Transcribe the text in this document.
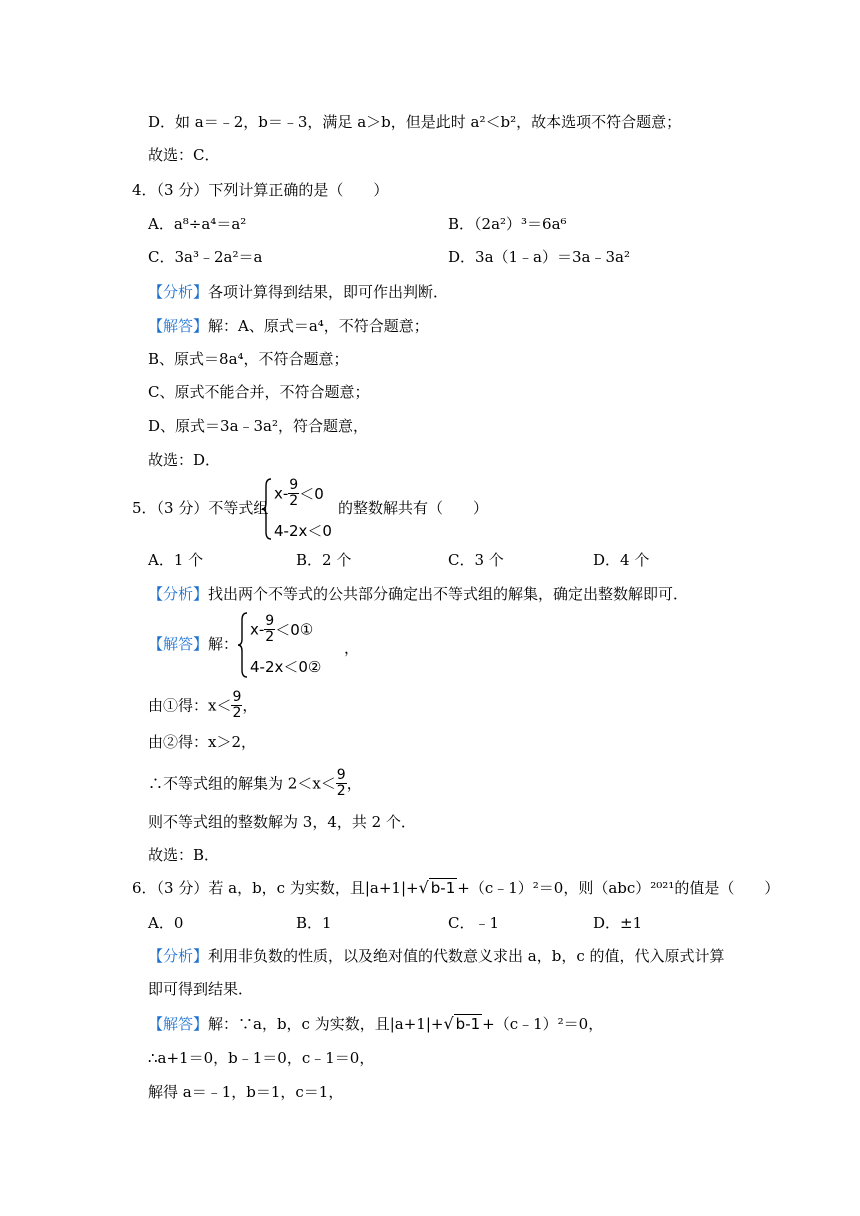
D．如 a＝﹣2，b＝﹣3，满足 a＞b，但是此时 a²＜b²，故本选项不符合题意；
故选：C．
4．（3 分）下列计算正确的是（　　）
A．a⁸÷a⁴＝a²	B．（2a²）³＝6a⁶
C．3a³﹣2a²＝a	D．3a（1﹣a）＝3a﹣3a²
【分析】各项计算得到结果，即可作出判断．
【解答】解：A、原式＝a⁴，不符合题意；
B、原式＝8a⁴，不符合题意；
C、原式不能合并，不符合题意；
D、原式＝3a﹣3a²，符合题意，
故选：D．
5．（3 分）不等式组
$x- \frac{9}{2} <0$
4-2x＜0
的整数解共有（　　）
A．1 个	B．2 个	C．3 个	D．4 个
【分析】找出两个不等式的公共部分确定出不等式组的解集，确定出整数解即可．
【解答】解：
$x- \frac{9}{2}$ ＜0①
4-2x＜0②
，
由①得：$x< \frac{9}{2}$ ，
由②得：x＞2，
∴不等式组的解集为 $2<x< \frac{9}{2}$ ，
则不等式组的整数解为 3，4，共 2 个．
故选：B．
6．（3 分）若 a，b，c 为实数，且|a+1|+√ b-1 +（c﹣1）²＝0，则（abc）²⁰²¹的值是（　　）
A．0	B．1	C．﹣1	D．±1
【分析】利用非负数的性质，以及绝对值的代数意义求出 a，b，c 的值，代入原式计算
即可得到结果．
【解答】解：∵a，b，c 为实数，且|a+1|+√ b-1 +（c﹣1）²＝0，
∴a+1＝0，b﹣1＝0，c﹣1＝0，
解得 a＝﹣1，b＝1，c＝1，
